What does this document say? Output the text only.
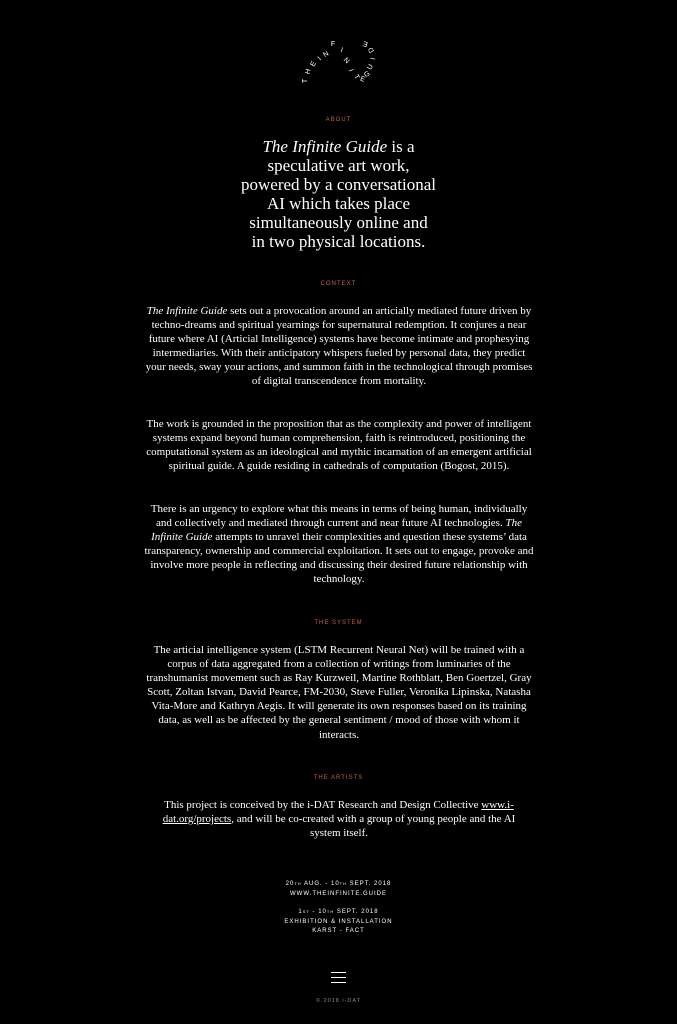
T
H
E
I N
F
I
N
I
T
E
G
U
I
D
E
ABOUT
The Infinite Guide is a
speculative art work,
powered by a conversational
AI which takes place
simultaneously online and
in two physical locations.
CONTEXT
The Infinite Guide sets out a provocation around an articially mediated future driven by techno-dreams and spiritual yearnings for supernatural redemption. It conjures a near future where AI (Articial Intelligence) systems have become intimate and prophesying intermediaries. With their anticipatory whispers fueled by personal data, they predict your needs, sway your actions, and summon faith in the technological through promises of digital transcendence from mortality.
The work is grounded in the proposition that as the complexity and power of intelligent systems expand beyond human comprehension, faith is reintroduced, positioning the computational system as an ideological and mythic incarnation of an emergent artificial spiritual guide. A guide residing in cathedrals of computation (Bogost, 2015).
There is an urgency to explore what this means in terms of being human, individually and collectively and mediated through current and near future AI technologies. The Infinite Guide attempts to unravel their complexities and question these systems’ data transparency, ownership and commercial exploitation. It sets out to engage, provoke and involve more people in reflecting and discussing their desired future relationship with technology.
THE SYSTEM
The articial intelligence system (LSTM Recurrent Neural Net) will be trained with a corpus of data aggregated from a collection of writings from luminaries of the transhumanist movement such as Ray Kurzweil, Martine Rothblatt, Ben Goertzel, Gray Scott, Zoltan Istvan, David Pearce, FM-2030, Steve Fuller, Veronika Lipinska, Natasha Vita-More and Kathryn Aegis. It will generate its own responses based on its training data, as well as be affected by the general sentiment / mood of those with whom it interacts.
THE ARTISTS
This project is conceived by the i-DAT Research and Design Collective www.i-dat.org/projects, and will be co-created with a group of young people and the AI system itself.
20TH AUG. - 10TH SEPT. 2018
WWW.THEINFINITE.GUIDE
1ST - 10TH SEPT. 2018
EXHIBITION & INSTALLATION
KARST - FACT
© 2018 i-DAT
